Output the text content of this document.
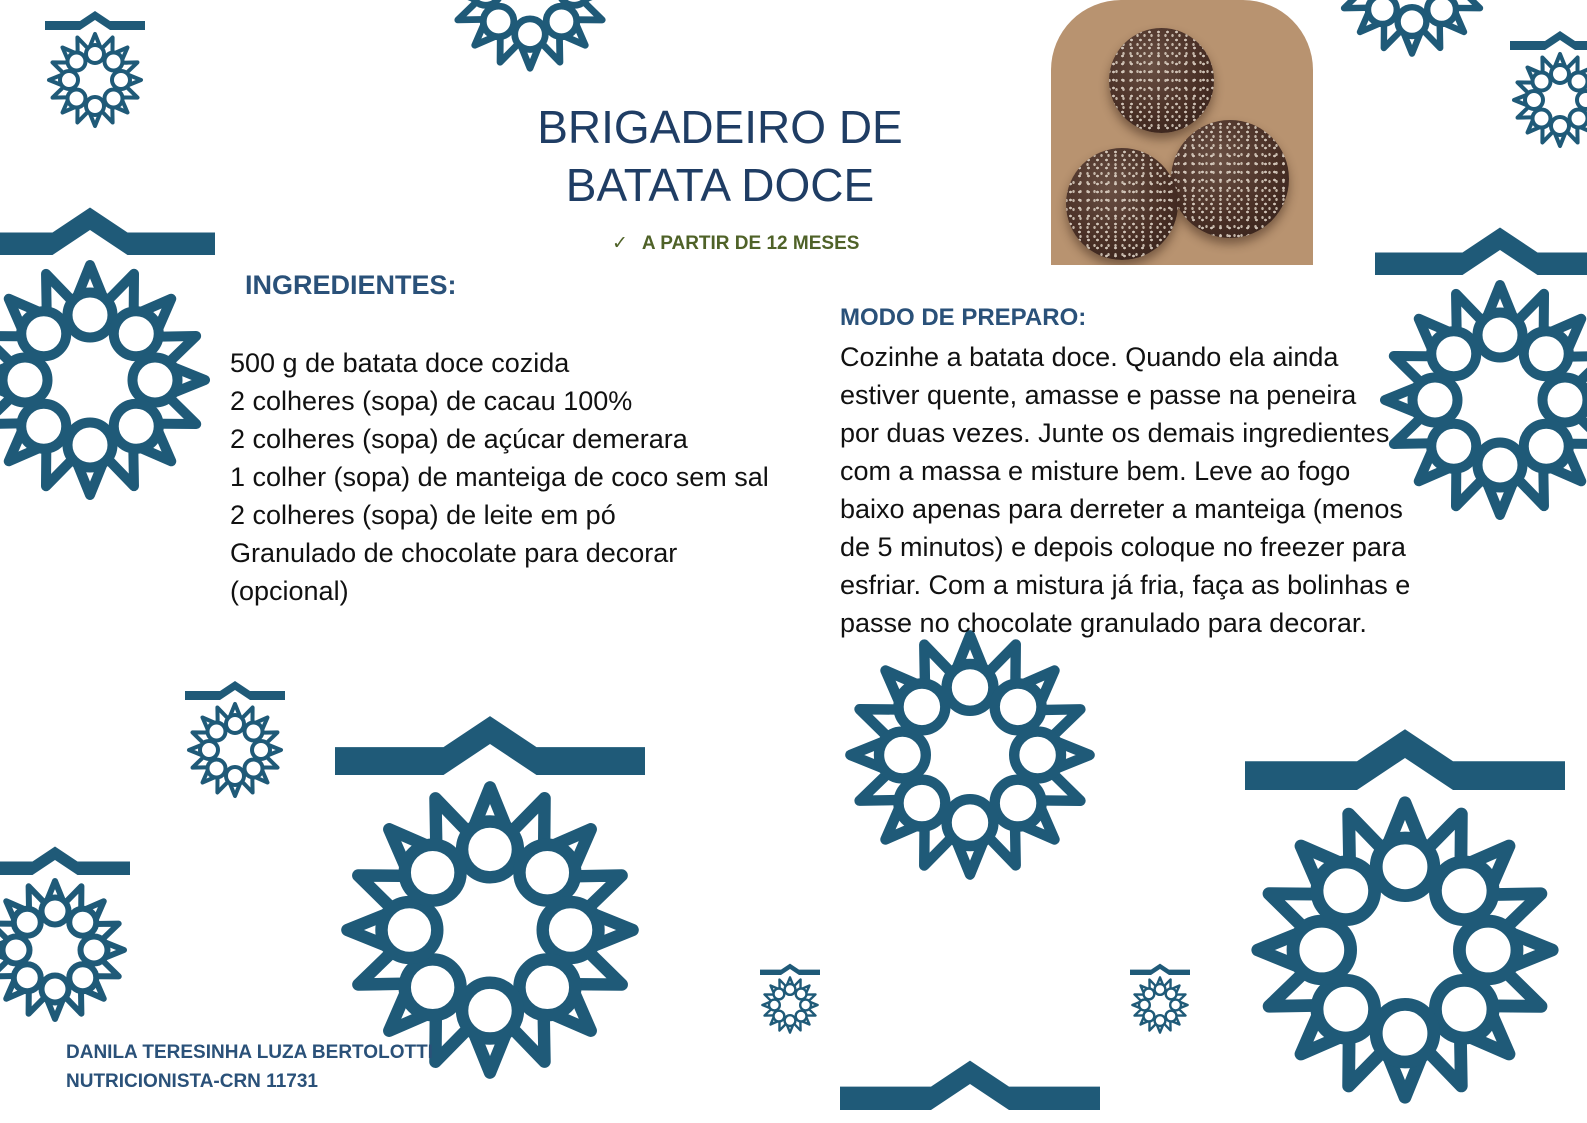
BRIGADEIRO DE
BATATA DOCE
✓ A PARTIR DE 12 MESES
INGREDIENTES:
500 g de batata doce cozida
2 colheres (sopa) de cacau 100%
2 colheres (sopa) de açúcar demerara
1 colher (sopa) de manteiga de coco sem sal
2 colheres (sopa) de leite em pó
Granulado de chocolate para decorar
(opcional)
MODO DE PREPARO:

Cozinhe a batata doce. Quando ela ainda
estiver quente, amasse e passe na peneira
por duas vezes. Junte os demais ingredientes
com a massa e misture bem. Leve ao fogo
baixo apenas para derreter a manteiga (menos
de 5 minutos) e depois coloque no freezer para
esfriar. Com a mistura já fria, faça as bolinhas e
passe no chocolate granulado para decorar.

DANILA TERESINHA LUZA BERTOLOTTI
NUTRICIONISTA-CRN 11731
